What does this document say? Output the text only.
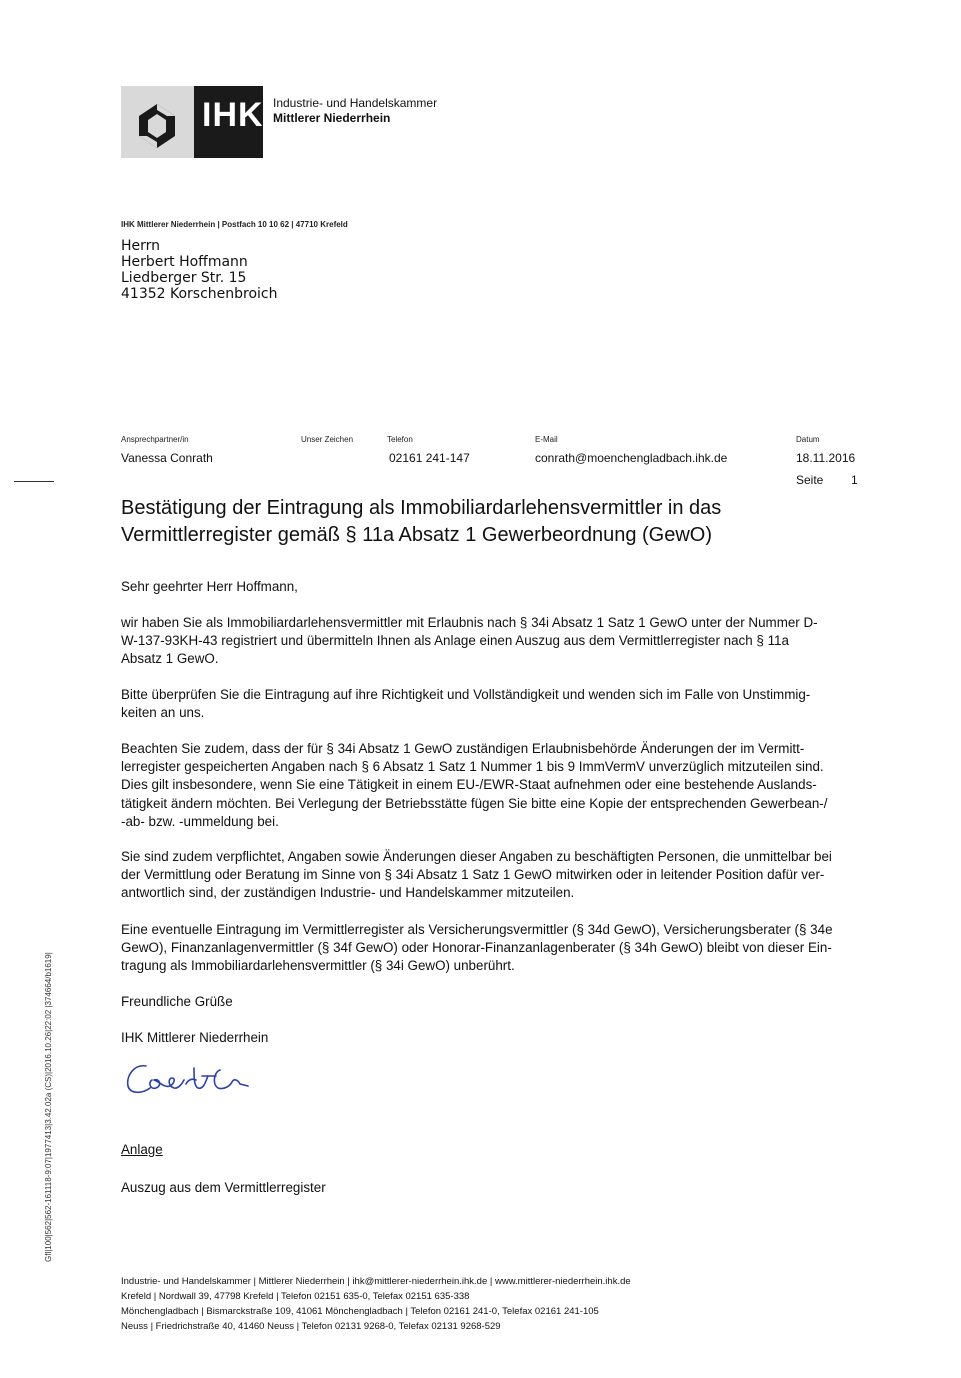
IHK Industrie- und Handelskammer
Mittlerer Niederrhein
IHK Mittlerer Niederrhein | Postfach 10 10 62 | 47710 Krefeld
Herrn
Herbert Hoffmann
Liedberger Str. 15
41352 Korschenbroich
Ansprechpartner/in
Vanessa Conrath
Unser Zeichen	Telefon
02161 241-147
E-Mail
conrath@moenchengladbach.ihk.de
Datum
18.11.2016
Seite 1
Bestätigung der Eintragung als Immobiliardarlehensvermittler in das
Vermittlerregister gemäß § 11a Absatz 1 Gewerbeordnung (GewO)
Sehr geehrter Herr Hoffmann,
wir haben Sie als Immobiliardarlehensvermittler mit Erlaubnis nach § 34i Absatz 1 Satz 1 GewO unter der Nummer D-
W-137-93KH-43 registriert und übermitteln Ihnen als Anlage einen Auszug aus dem Vermittlerregister nach § 11a
Absatz 1 GewO.
Bitte überprüfen Sie die Eintragung auf ihre Richtigkeit und Vollständigkeit und wenden sich im Falle von Unstimmig-
keiten an uns.
Beachten Sie zudem, dass der für § 34i Absatz 1 GewO zuständigen Erlaubnisbehörde Änderungen der im Vermitt-
lerregister gespeicherten Angaben nach § 6 Absatz 1 Satz 1 Nummer 1 bis 9 ImmVermV unverzüglich mitzuteilen sind.
Dies gilt insbesondere, wenn Sie eine Tätigkeit in einem EU-/EWR-Staat aufnehmen oder eine bestehende Auslands-
tätigkeit ändern möchten. Bei Verlegung der Betriebsstätte fügen Sie bitte eine Kopie der entsprechenden Gewerbean-/
-ab- bzw. -ummeldung bei.
Sie sind zudem verpflichtet, Angaben sowie Änderungen dieser Angaben zu beschäftigten Personen, die unmittelbar bei
der Vermittlung oder Beratung im Sinne von § 34i Absatz 1 Satz 1 GewO mitwirken oder in leitender Position dafür ver-
antwortlich sind, der zuständigen Industrie- und Handelskammer mitzuteilen.
Eine eventuelle Eintragung im Vermittlerregister als Versicherungsvermittler (§ 34d GewO), Versicherungsberater (§ 34e
GewO), Finanzanlagenvermittler (§ 34f GewO) oder Honorar-Finanzanlagenberater (§ 34h GewO) bleibt von dieser Ein-
tragung als Immobiliardarlehensvermittler (§ 34i GewO) unberührt.
Freundliche Grüße
IHK Mittlerer Niederrhein
Anlage
Auszug aus dem Vermittlerregister
Gfl|100|562|562-161118-9:07|1977413|3.42.02a (CS)|2016.10.26|22:02 |374664/b1619|
Industrie- und Handelskammer | Mittlerer Niederrhein | ihk@mittlerer-niederrhein.ihk.de | www.mittlerer-niederrhein.ihk.de
Krefeld | Nordwall 39, 47798 Krefeld | Telefon 02151 635-0, Telefax 02151 635-338
Mönchengladbach | Bismarckstraße 109, 41061 Mönchengladbach | Telefon 02161 241-0, Telefax 02161 241-105
Neuss | Friedrichstraße 40, 41460 Neuss | Telefon 02131 9268-0, Telefax 02131 9268-529
